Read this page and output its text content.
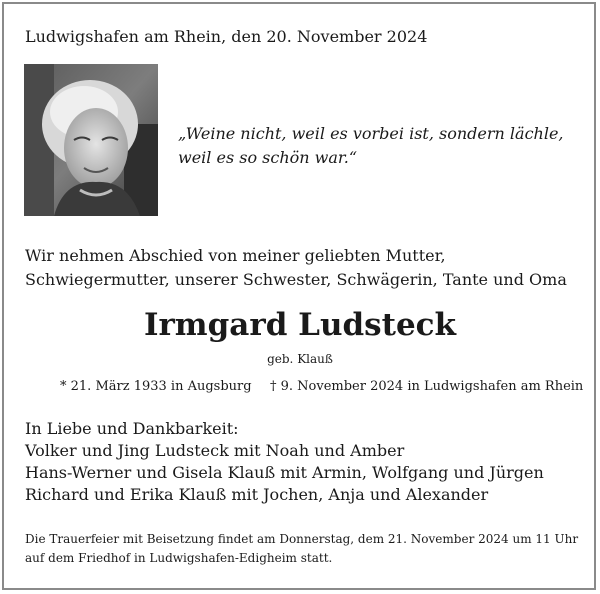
Ludwigshafen am Rhein, den 20. November 2024
„Weine nicht, weil es vorbei ist, sondern lächle, weil es so schön war.“
Wir nehmen Abschied von meiner geliebten Mutter, Schwiegermutter, unserer Schwester, Schwägerin, Tante und Oma
Irmgard Ludsteck
geb. Klauß
* 21. März 1933 in Augsburg † 9. November 2024 in Ludwigshafen am Rhein
In Liebe und Dankbarkeit:
Volker und Jing Ludsteck mit Noah und Amber
Hans-Werner und Gisela Klauß mit Armin, Wolfgang und Jürgen
Richard und Erika Klauß mit Jochen, Anja und Alexander
Die Trauerfeier mit Beisetzung findet am Donnerstag, dem 21. November 2024 um 11 Uhr auf dem Friedhof in Ludwigshafen-Edigheim statt.
